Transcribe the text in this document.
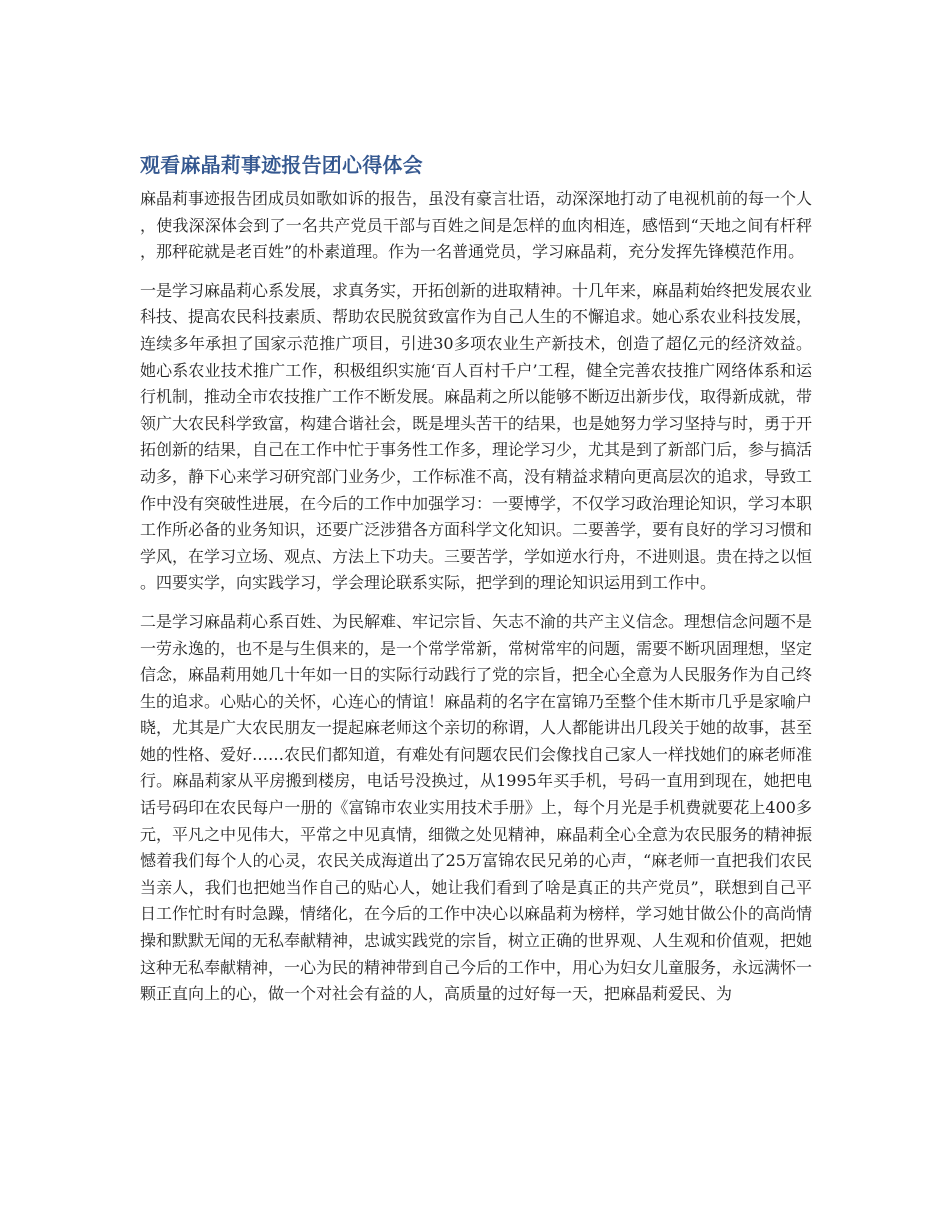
观看麻晶莉事迹报告团心得体会

麻晶莉事迹报告团成员如歌如诉的报告，虽没有豪言壮语，动深深地打动了电视机前的每一个人，使我深深体会到了一名共产党员干部与百姓之间是怎样的血肉相连，感悟到“天地之间有杆秤，那秤砣就是老百姓”的朴素道理。作为一名普通党员，学习麻晶莉，充分发挥先锋模范作用。

一是学习麻晶莉心系发展，求真务实，开拓创新的进取精神。十几年来，麻晶莉始终把发展农业科技、提高农民科技素质、帮助农民脱贫致富作为自己人生的不懈追求。她心系农业科技发展，连续多年承担了国家示范推广项目，引进30多项农业生产新技术，创造了超亿元的经济效益。她心系农业技术推广工作，积极组织实施‘百人百村千户’工程，健全完善农技推广网络体系和运行机制，推动全市农技推广工作不断发展。麻晶莉之所以能够不断迈出新步伐，取得新成就，带领广大农民科学致富，构建合谐社会，既是埋头苦干的结果，也是她努力学习坚持与时，勇于开拓创新的结果，自己在工作中忙于事务性工作多，理论学习少，尤其是到了新部门后，参与搞活动多，静下心来学习研究部门业务少，工作标准不高，没有精益求精向更高层次的追求，导致工作中没有突破性进展，在今后的工作中加强学习：一要博学，不仅学习政治理论知识，学习本职工作所必备的业务知识，还要广泛涉猎各方面科学文化知识。二要善学，要有良好的学习习惯和学风，在学习立场、观点、方法上下功夫。三要苦学，学如逆水行舟，不进则退。贵在持之以恒。四要实学，向实践学习，学会理论联系实际，把学到的理论知识运用到工作中。

二是学习麻晶莉心系百姓、为民解难、牢记宗旨、矢志不渝的共产主义信念。理想信念问题不是一劳永逸的，也不是与生俱来的，是一个常学常新，常树常牢的问题，需要不断巩固理想，坚定信念，麻晶莉用她几十年如一日的实际行动践行了党的宗旨，把全心全意为人民服务作为自己终生的追求。心贴心的关怀，心连心的情谊！麻晶莉的名字在富锦乃至整个佳木斯市几乎是家喻户晓，尤其是广大农民朋友一提起麻老师这个亲切的称谓，人人都能讲出几段关于她的故事，甚至她的性格、爱好……农民们都知道，有难处有问题农民们会像找自己家人一样找她们的麻老师准行。麻晶莉家从平房搬到楼房，电话号没换过，从1995年买手机，号码一直用到现在，她把电话号码印在农民每户一册的《富锦市农业实用技术手册》上，每个月光是手机费就要花上400多元，平凡之中见伟大，平常之中见真情，细微之处见精神，麻晶莉全心全意为农民服务的精神振憾着我们每个人的心灵，农民关成海道出了25万富锦农民兄弟的心声，“麻老师一直把我们农民当亲人，我们也把她当作自己的贴心人，她让我们看到了啥是真正的共产党员”，联想到自己平日工作忙时有时急躁，情绪化，在今后的工作中决心以麻晶莉为榜样，学习她甘做公仆的高尚情操和默默无闻的无私奉献精神，忠诚实践党的宗旨，树立正确的世界观、人生观和价值观，把她这种无私奉献精神，一心为民的精神带到自己今后的工作中，用心为妇女儿童服务，永远满怀一颗正直向上的心，做一个对社会有益的人，高质量的过好每一天，把麻晶莉爱民、为
